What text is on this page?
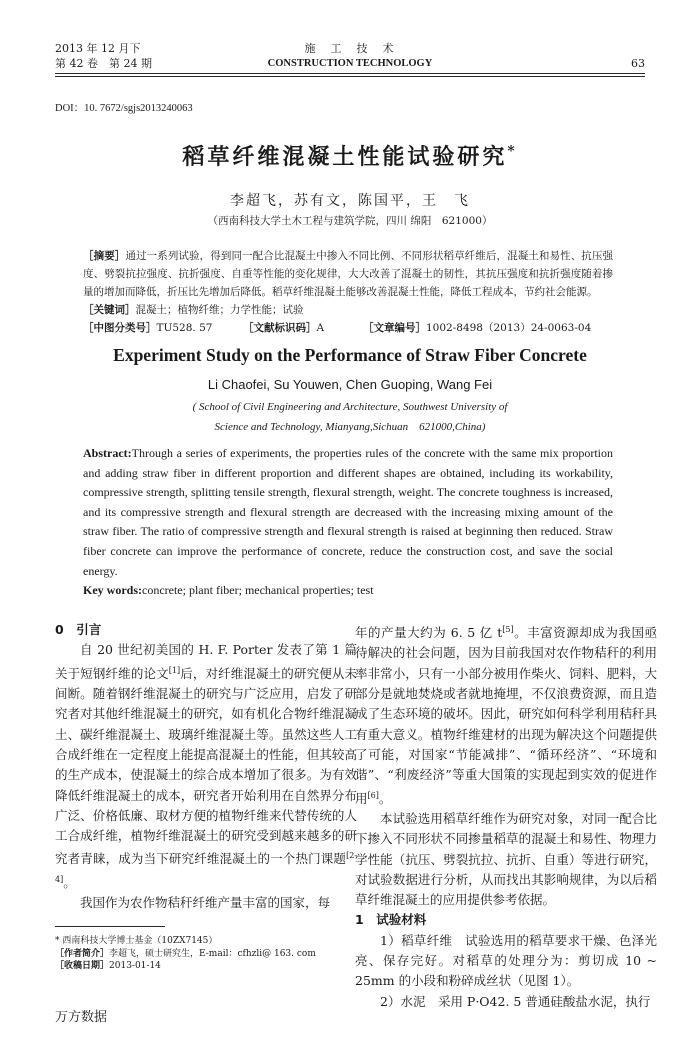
2013 年 12 月下
第 42 卷　第 24 期
施　工　技　术
CONSTRUCTION TECHNOLOGY	63
DOI：10. 7672/sgjs2013240063
稻草纤维混凝土性能试验研究*
李超飞，苏有文，陈国平，王　飞
（西南科技大学土木工程与建筑学院，四川 绵阳　621000）

［摘要］通过一系列试验，得到同一配合比混凝土中掺入不同比例、不同形状稻草纤维后，混凝土和易性、抗压强度、劈裂抗拉强度、抗折强度、自重等性能的变化规律，大大改善了混凝土的韧性，其抗压强度和抗折强度随着掺量的增加而降低，折压比先增加后降低。稻草纤维混凝土能够改善混凝土性能，降低工程成本，节约社会能源。

［关键词］混凝土；植物纤维；力学性能；试验

［中图分类号］TU528. 57	［文献标识码］A	［文章编号］1002-8498（2013）24-0063-04
Experiment Study on the Performance of Straw Fiber Concrete
Li Chaofei, Su Youwen, Chen Guoping, Wang Fei
( School of Civil Engineering and Architecture, Southwest University of
Science and Technology, Mianyang,Sichuan　621000,China)

Abstract:Through a series of experiments, the properties rules of the concrete with the same mix proportion and adding straw fiber in different proportion and different shapes are obtained, including its workability, compressive strength, splitting tensile strength, flexural strength, weight. The concrete toughness is increased, and its compressive strength and flexural strength are decreased with the increasing mixing amount of the straw fiber. The ratio of compressive strength and flexural strength is raised at beginning then reduced. Straw fiber concrete can improve the performance of concrete, reduce the construction cost, and save the social energy.

Key words:concrete; plant fiber; mechanical properties; test

0　引言

自 20 世纪初美国的 H. F. Porter 发表了第 1 篇关于短钢纤维的论文[1]后，对纤维混凝土的研究便从未间断。随着钢纤维混凝土的研究与广泛应用，启发了研究者对其他纤维混凝土的研究，如有机化合物纤维混凝土、碳纤维混凝土、玻璃纤维混凝土等。虽然这些人工合成纤维在一定程度上能提高混凝土的性能，但其较高的生产成本，使混凝土的综合成本增加了很多。为有效降低纤维混凝土的成本，研究者开始利用在自然界分布广泛、价格低廉、取材方便的植物纤维来代替传统的人工合成纤维，植物纤维混凝土的研究受到越来越多的研究者青睐，成为当下研究纤维混凝土的一个热门课题[2-4]。

我国作为农作物秸秆纤维产量丰富的国家，每

年的产量大约为 6. 5 亿 t[5]。丰富资源却成为我国亟待解决的社会问题，因为目前我国对农作物秸秆的利用率非常小，只有一小部分被用作柴火、饲料、肥料，大部分是就地焚烧或者就地掩埋，不仅浪费资源，而且造成了生态环境的破坏。因此，研究如何科学利用秸秆具有重大意义。植物纤维建材的出现为解决这个问题提供了可能，对国家“节能减排”、“循环经济”、“环境和谐”、“利废经济”等重大国策的实现起到实效的促进作用[6]。

本试验选用稻草纤维作为研究对象，对同一配合比下掺入不同形状不同掺量稻草的混凝土和易性、物理力学性能（抗压、劈裂抗拉、抗折、自重）等进行研究，对试验数据进行分析，从而找出其影响规律，为以后稻草纤维混凝土的应用提供参考依据。

1　试验材料

1）稻草纤维　试验选用的稻草要求干燥、色泽光亮、保存完好。对稻草的处理分为：剪切成 10 ~ 25mm 的小段和粉碎成丝状（见图 1）。

2）水泥　采用 P·O42. 5 普通硅酸盐水泥，执行

* 西南科技大学博士基金（10ZX7145）

［作者简介］李超飞，硕士研究生，E-mail：cfhzli@ 163. com

［收稿日期］2013-01-14

万方数据
